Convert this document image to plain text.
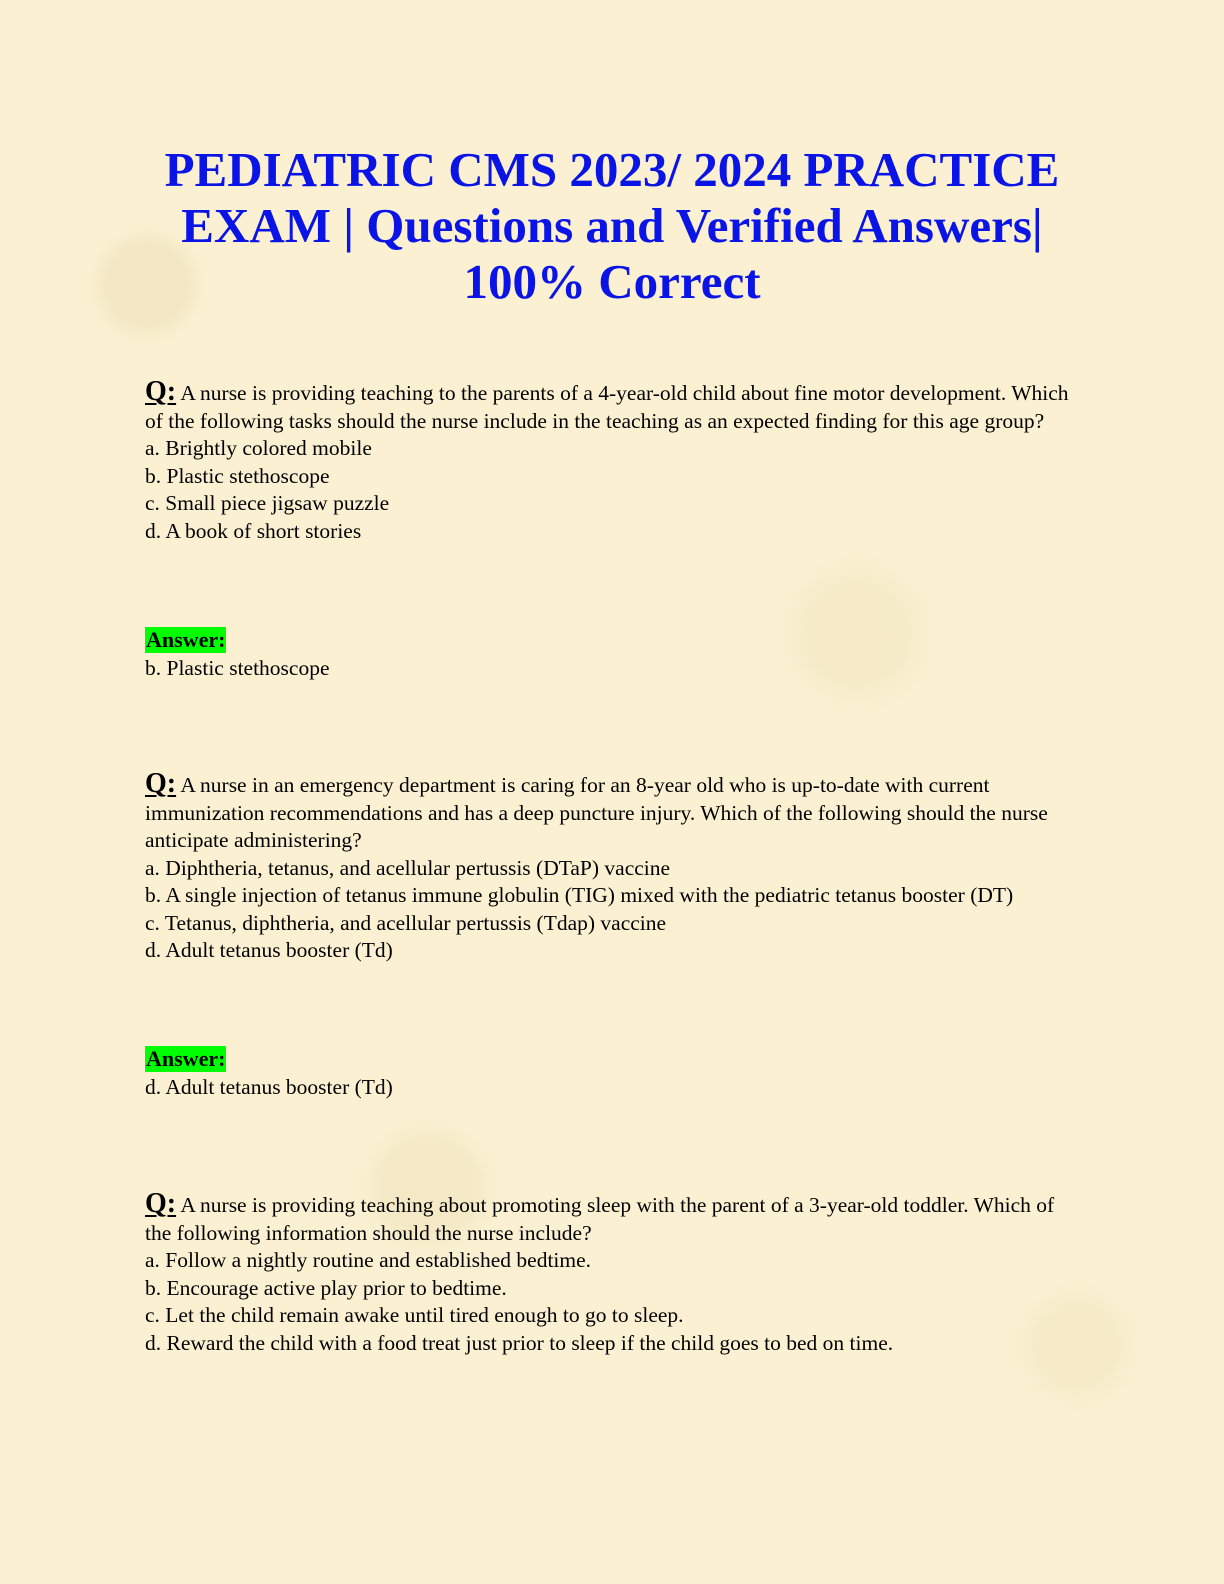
PEDIATRIC CMS 2023/ 2024 PRACTICE
EXAM | Questions and Verified Answers|
100% Correct
Q: A nurse is providing teaching to the parents of a 4-year-old child about fine motor development. Which of the following tasks should the nurse include in the teaching as an expected finding for this age group?
a. Brightly colored mobile
b. Plastic stethoscope
c. Small piece jigsaw puzzle
d. A book of short stories
Answer:
b. Plastic stethoscope
Q: A nurse in an emergency department is caring for an 8-year old who is up-to-date with current immunization recommendations and has a deep puncture injury. Which of the following should the nurse anticipate administering?
a. Diphtheria, tetanus, and acellular pertussis (DTaP) vaccine
b. A single injection of tetanus immune globulin (TIG) mixed with the pediatric tetanus booster (DT)
c. Tetanus, diphtheria, and acellular pertussis (Tdap) vaccine
d. Adult tetanus booster (Td)
Answer:
d. Adult tetanus booster (Td)
Q: A nurse is providing teaching about promoting sleep with the parent of a 3-year-old toddler. Which of the following information should the nurse include?
a. Follow a nightly routine and established bedtime.
b. Encourage active play prior to bedtime.
c. Let the child remain awake until tired enough to go to sleep.
d. Reward the child with a food treat just prior to sleep if the child goes to bed on time.
